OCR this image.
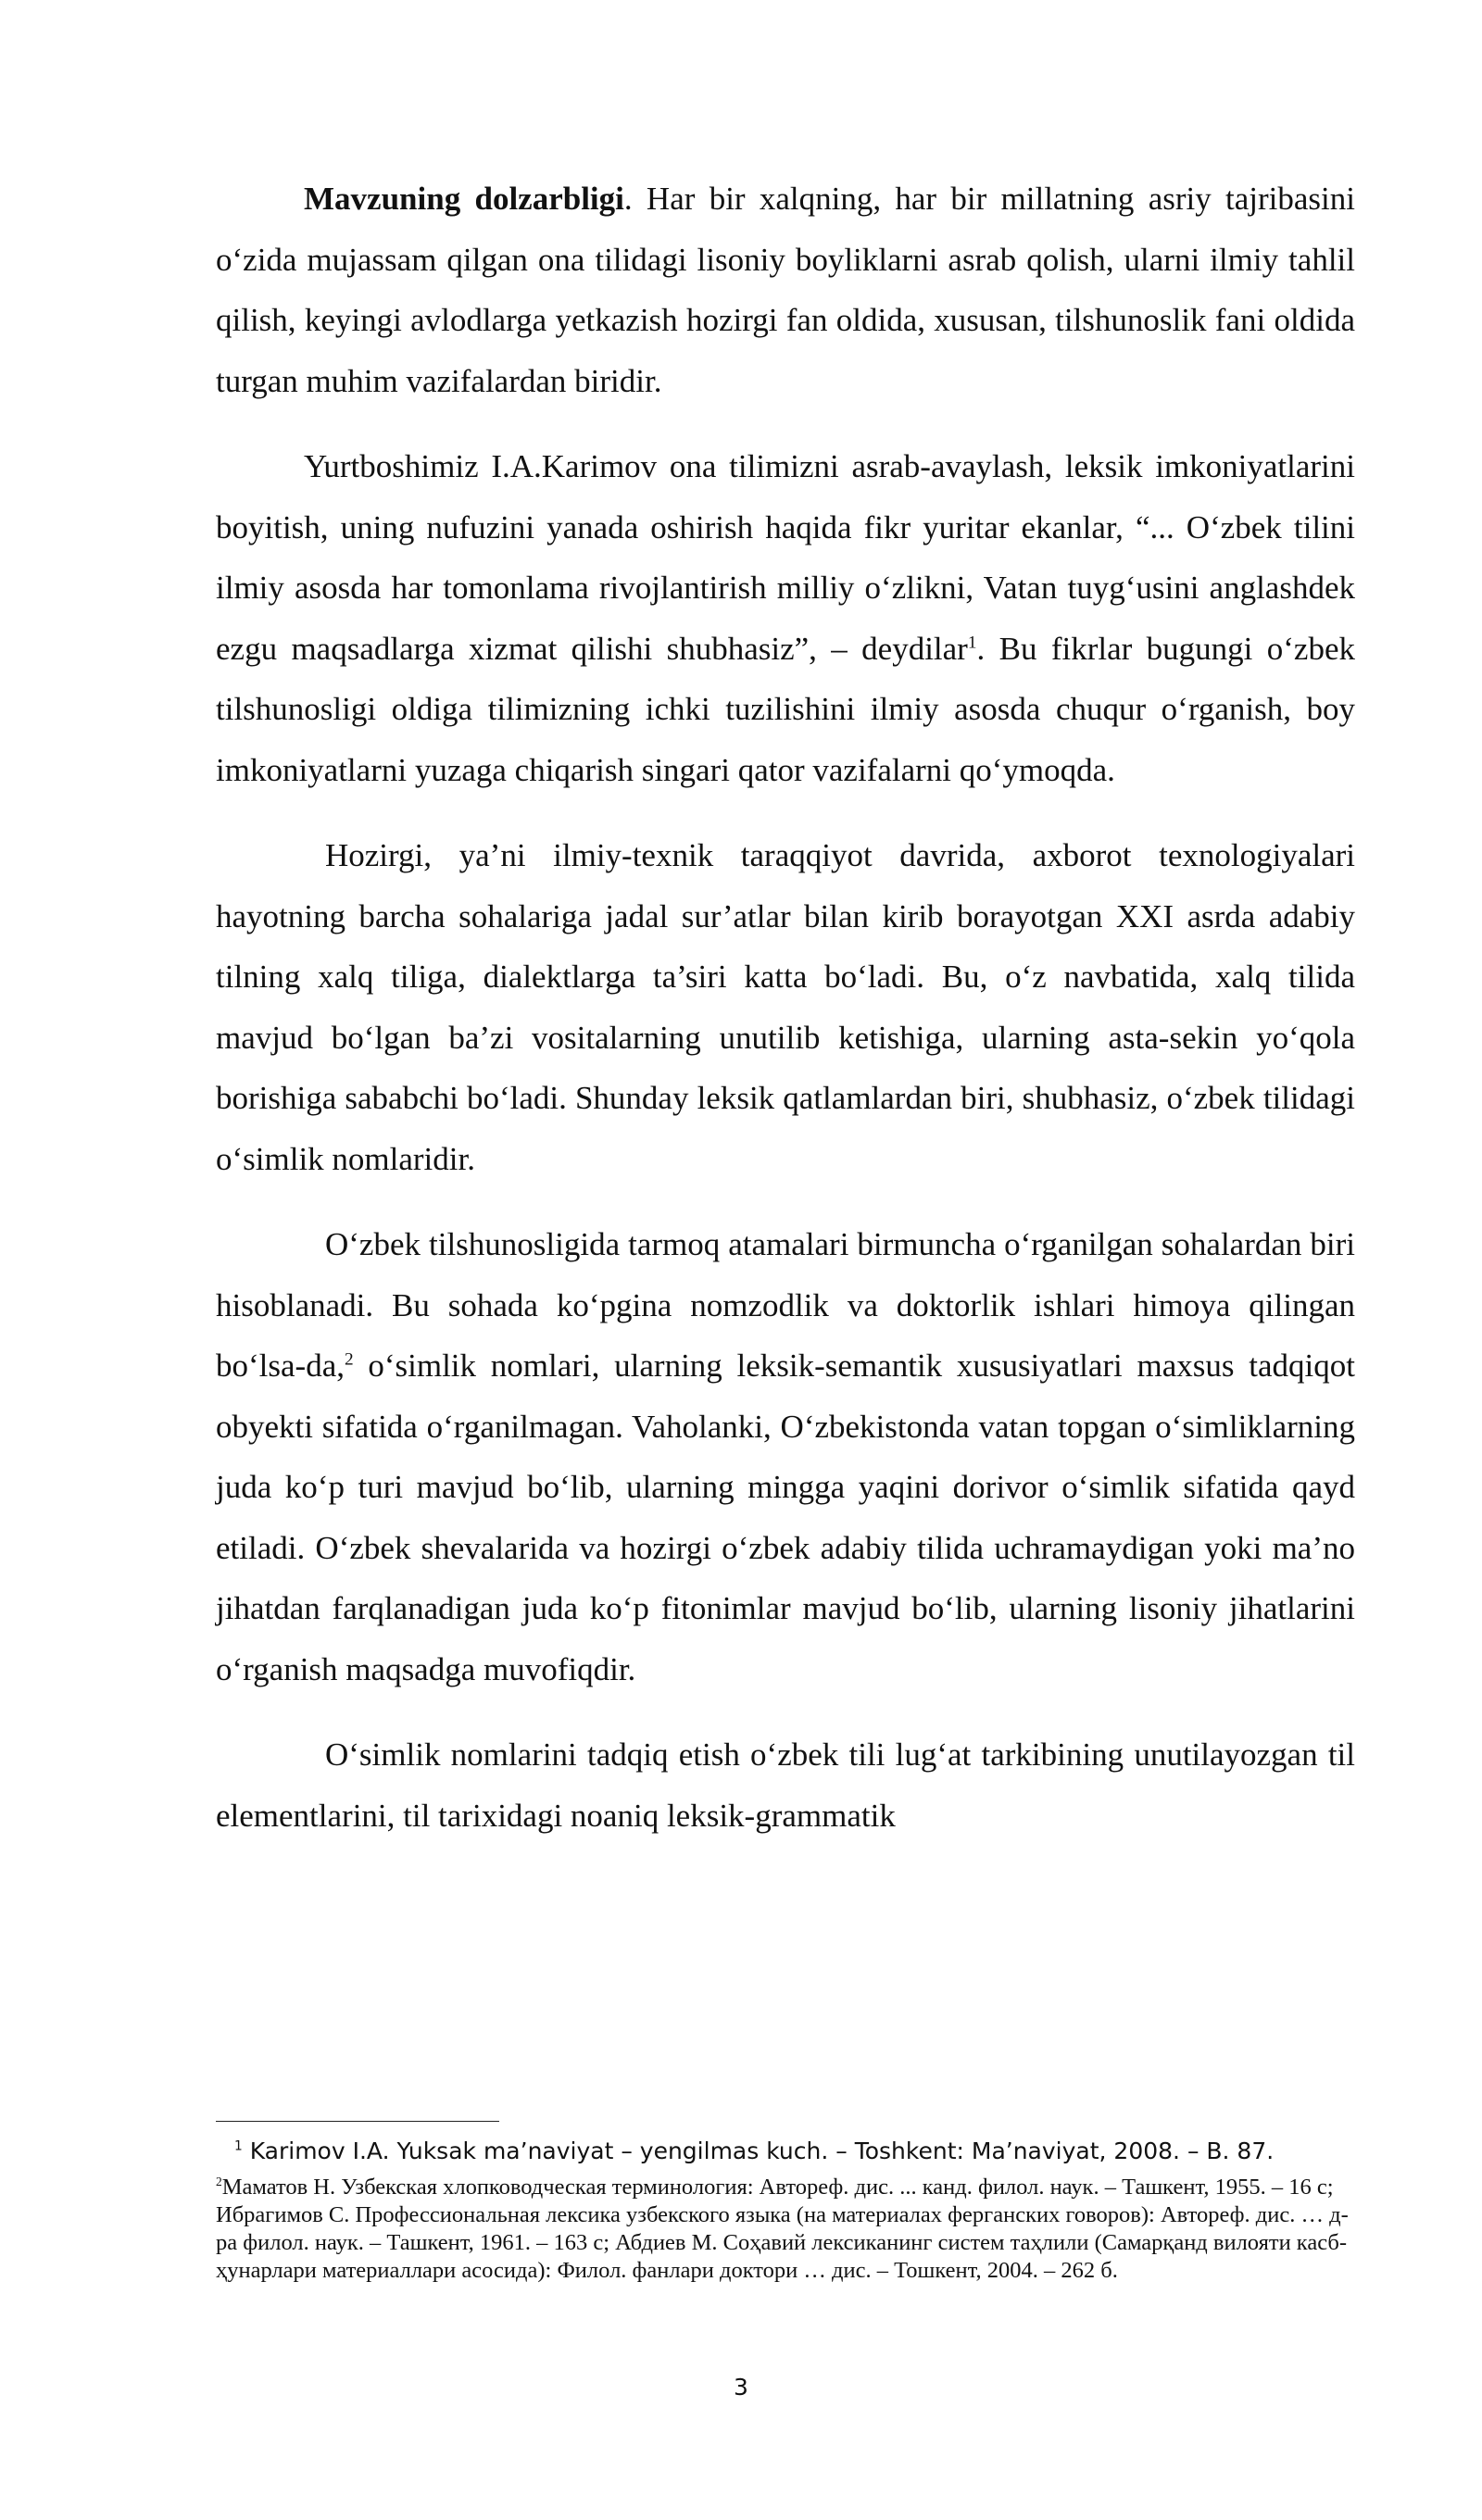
Mavzuning dolzarbligi. Har bir xalqning, har bir millatning asriy tajribasini oʻzida mujassam qilgan ona tilidagi lisoniy boyliklarni asrab qolish, ularni ilmiy tahlil qilish, keyingi avlodlarga yetkazish hozirgi fan oldida, xususan, tilshunoslik fani oldida turgan muhim vazifalardan biridir.

Yurtboshimiz I.A.Karimov ona tilimizni asrab-avaylash, leksik imkoniyatlarini boyitish, uning nufuzini yanada oshirish haqida fikr yuritar ekanlar, “... Oʻzbek tilini ilmiy asosda har tomonlama rivojlantirish milliy oʻzlikni, Vatan tuygʻusini anglashdek ezgu maqsadlarga xizmat qilishi shubhasiz”, – deydilar$^1$. Bu fikrlar bugungi oʻzbek tilshunosligi oldiga tilimizning ichki tuzilishini ilmiy asosda chuqur oʻrganish, boy imkoniyatlarni yuzaga chiqarish singari qator vazifalarni qoʻymoqda.

Hozirgi, ya’ni ilmiy-texnik taraqqiyot davrida, axborot texnologiyalari hayotning barcha sohalariga jadal sur’atlar bilan kirib borayotgan XXI asrda adabiy tilning xalq tiliga, dialektlarga ta’siri katta boʻladi. Bu, oʻz navbatida, xalq tilida mavjud boʻlgan ba’zi vositalarning unutilib ketishiga, ularning asta-sekin yoʻqola borishiga sababchi boʻladi. Shunday leksik qatlamlardan biri, shubhasiz, oʻzbek tilidagi oʻsimlik nomlaridir.

Oʻzbek tilshunosligida tarmoq atamalari birmuncha oʻrganilgan sohalardan biri hisoblanadi. Bu sohada koʻpgina nomzodlik va doktorlik ishlari himoya qilingan boʻlsa-da,$^2$ oʻsimlik nomlari, ularning leksik-semantik xususiyatlari maxsus tadqiqot obyekti sifatida oʻrganilmagan. Vaholanki, Oʻzbekistonda vatan topgan oʻsimliklarning juda koʻp turi mavjud boʻlib, ularning mingga yaqini dorivor oʻsimlik sifatida qayd etiladi. Oʻzbek shevalarida va hozirgi oʻzbek adabiy tilida uchramaydigan yoki ma’no jihatdan farqlanadigan juda koʻp fitonimlar mavjud boʻlib, ularning lisoniy jihatlarini oʻrganish maqsadga muvofiqdir.

Oʻsimlik nomlarini tadqiq etish oʻzbek tili lugʻat tarkibining unutilayozgan til elementlarini, til tarixidagi noaniq leksik-grammatik

$^1$ Karimov I.A. Yuksak ma’naviyat – yengilmas kuch. – Toshkent: Ma’naviyat, 2008. – B. 87.
$^2$Маматов Н. Узбекская хлопководческая терминология: Автореф. дис. ... канд. филол. наук. – Ташкент, 1955. – 16 с; Ибрагимов С. Профессиональная лексика узбекского языка (на материалах ферганских говоров): Автореф. дис. … д-ра филол. наук. – Ташкент, 1961. – 163 с; Абдиев М. Соҳавий лексиканинг систем таҳлили (Самарқанд вилояти касб-ҳунарлари материаллари асосида): Филол. фанлари доктори … дис. – Тошкент, 2004. – 262 б.
3
